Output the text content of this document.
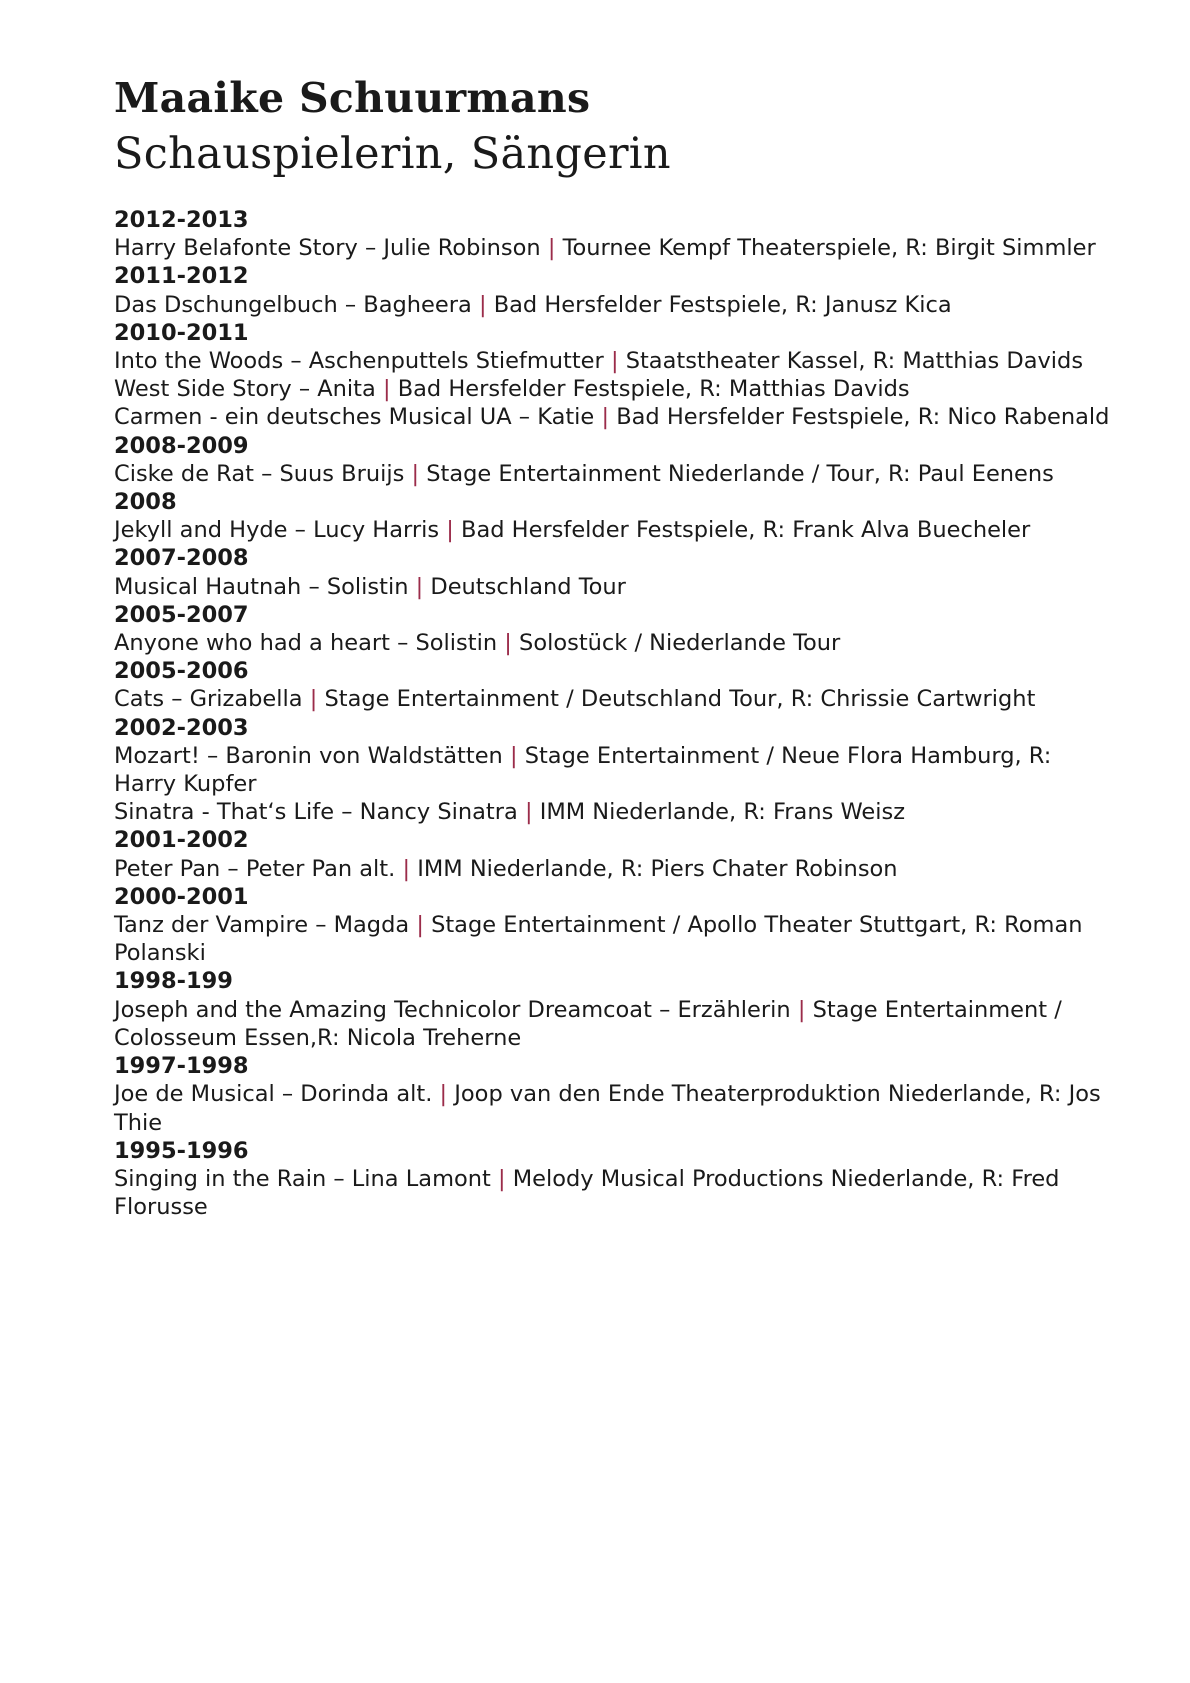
Maaike Schuurmans
Schauspielerin, Sängerin
2012-2013
Harry Belafonte Story – Julie Robinson | Tournee Kempf Theaterspiele, R: Birgit Simmler
2011-2012
Das Dschungelbuch – Bagheera | Bad Hersfelder Festspiele, R: Janusz Kica
2010-2011
Into the Woods – Aschenputtels Stiefmutter | Staatstheater Kassel, R: Matthias Davids
West Side Story – Anita | Bad Hersfelder Festspiele, R: Matthias Davids
Carmen - ein deutsches Musical UA – Katie | Bad Hersfelder Festspiele, R: Nico Rabenald
2008-2009
Ciske de Rat – Suus Bruijs | Stage Entertainment Niederlande / Tour, R: Paul Eenens
2008
Jekyll and Hyde – Lucy Harris | Bad Hersfelder Festspiele, R: Frank Alva Buecheler
2007-2008
Musical Hautnah – Solistin | Deutschland Tour
2005-2007
Anyone who had a heart – Solistin | Solostück / Niederlande Tour
2005-2006
Cats – Grizabella | Stage Entertainment / Deutschland Tour, R: Chrissie Cartwright
2002-2003
Mozart! – Baronin von Waldstätten | Stage Entertainment / Neue Flora Hamburg, R: Harry Kupfer
Sinatra - That‘s Life – Nancy Sinatra | IMM Niederlande, R: Frans Weisz
2001-2002
Peter Pan – Peter Pan alt. | IMM Niederlande, R: Piers Chater Robinson
2000-2001
Tanz der Vampire – Magda | Stage Entertainment / Apollo Theater Stuttgart, R: Roman Polanski
1998-199
Joseph and the Amazing Technicolor Dreamcoat – Erzählerin | Stage Entertainment / Colosseum Essen,R: Nicola Treherne
1997-1998
Joe de Musical – Dorinda alt. | Joop van den Ende Theaterproduktion Niederlande, R: Jos Thie
1995-1996
Singing in the Rain – Lina Lamont | Melody Musical Productions Niederlande, R: Fred Florusse
